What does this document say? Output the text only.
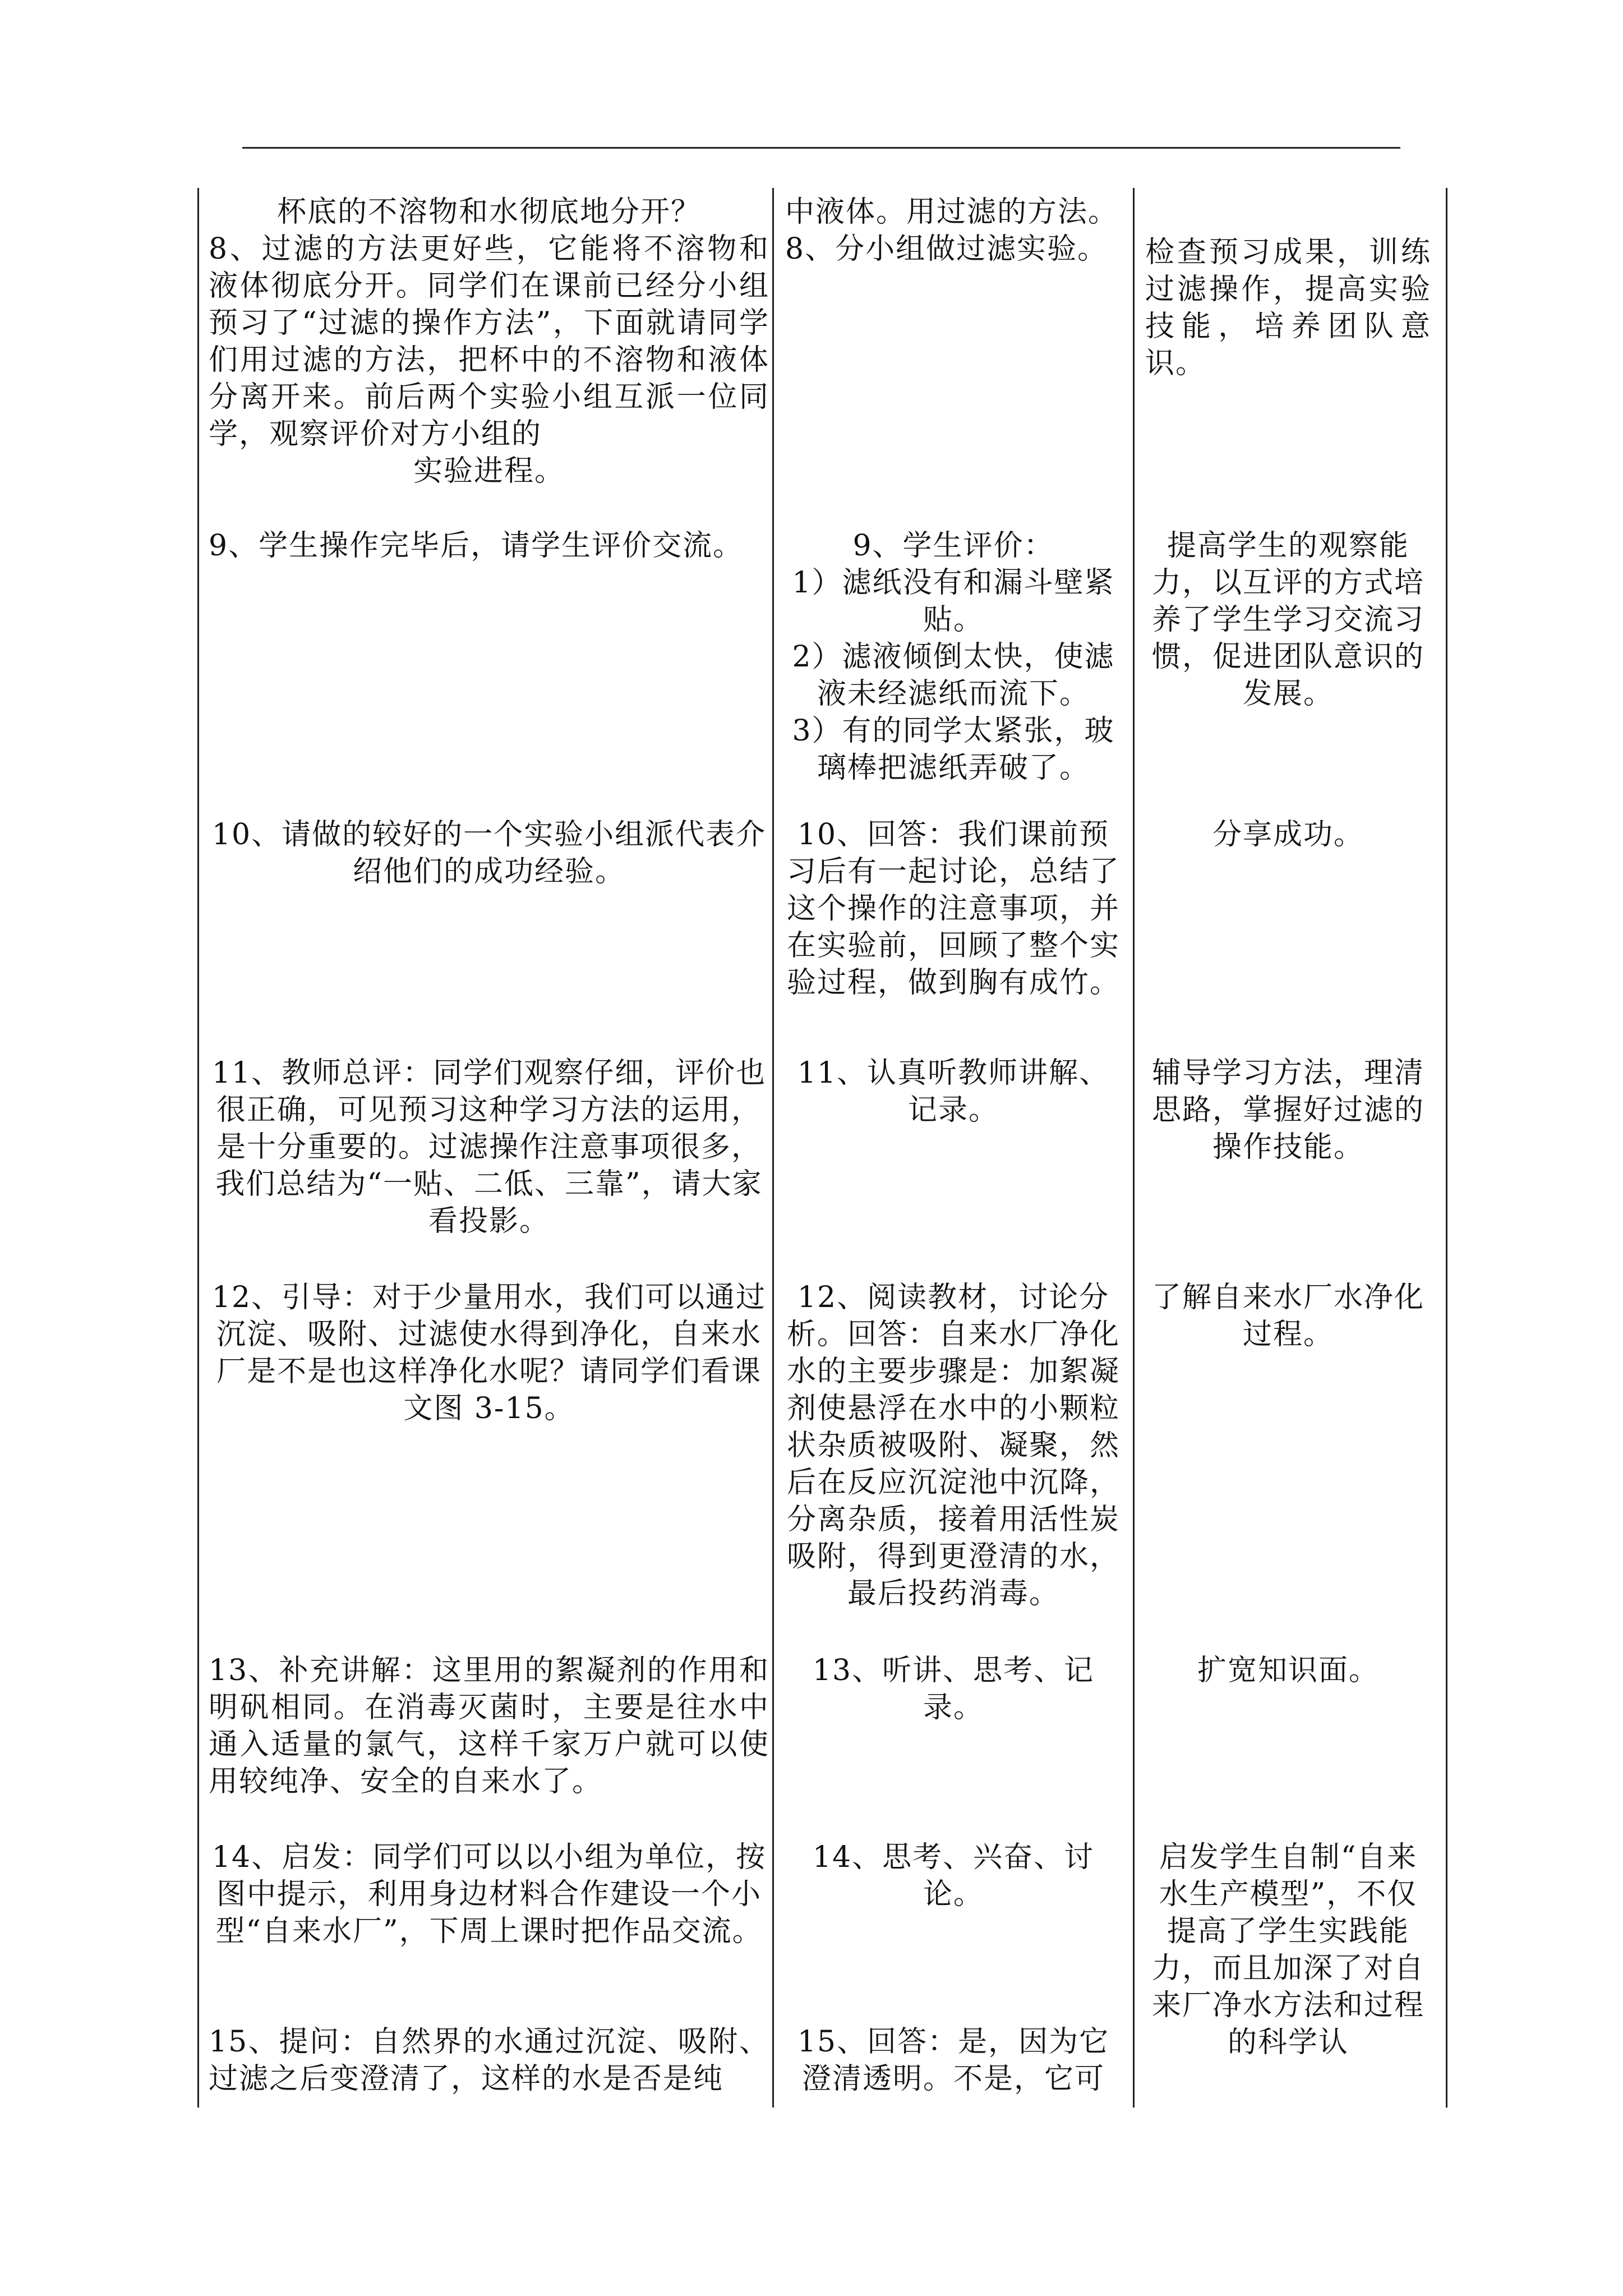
杯底的不溶物和水彻底地分开？

8、过滤的方法更好些，它能将不溶物和液体彻底分开。同学们在课前已经分小组预习了“过滤的操作方法”，下面就请同学们用过滤的方法，把杯中的不溶物和液体分离开来。前后两个实验小组互派一位同学，观察评价对方小组的

实验进程。

中液体。用过滤的方法。

8、分小组做过滤实验。	检查预习成果，训练过滤操作，提高实验技能，培养团队意识。

9、学生操作完毕后，请学生评价交流。	9、学生评价：

1）滤纸没有和漏斗壁紧

贴。

2）滤液倾倒太快，使滤液未经滤纸而流下。

3）有的同学太紧张，玻璃棒把滤纸弄破了。

提高学生的观察能力，以互评的方式培养了学生学习交流习惯，促进团队意识的发展。

10、请做的较好的一个实验小组派代表介绍他们的成功经验。

10、回答：我们课前预习后有一起讨论，总结了这个操作的注意事项，并在实验前，回顾了整个实验过程，做到胸有成竹。

分享成功。

11、教师总评：同学们观察仔细，评价也很正确，可见预习这种学习方法的运用，是十分重要的。过滤操作注意事项很多，我们总结为“一贴、二低、三靠”，请大家看投影。

11、认真听教师讲解、记录。

辅导学习方法，理清思路，掌握好过滤的操作技能。

12、引导：对于少量用水，我们可以通过沉淀、吸附、过滤使水得到净化，自来水厂是不是也这样净化水呢？请同学们看课文图 3-15。

12、阅读教材，讨论分析。回答：自来水厂净化水的主要步骤是：加絮凝剂使悬浮在水中的小颗粒状杂质被吸附、凝聚，然后在反应沉淀池中沉降，分离杂质，接着用活性炭吸附，得到更澄清的水，最后投药消毒。

了解自来水厂水净化过程。

13、补充讲解：这里用的絮凝剂的作用和明矾相同。在消毒灭菌时，主要是往水中通入适量的氯气，这样千家万户就可以使用较纯净、安全的自来水了。

13、听讲、思考、记录。

扩宽知识面。

14、启发：同学们可以以小组为单位，按图中提示，利用身边材料合作建设一个小型“自来水厂”，下周上课时把作品交流。

14、思考、兴奋、讨论。

启发学生自制“自来水生产模型”，不仅提高了学生实践能力，而且加深了对自来厂净水方法和过程的科学认

15、提问：自然界的水通过沉淀、吸附、过滤之后变澄清了，这样的水是否是纯

15、回答：是，因为它澄清透明。不是，它可
